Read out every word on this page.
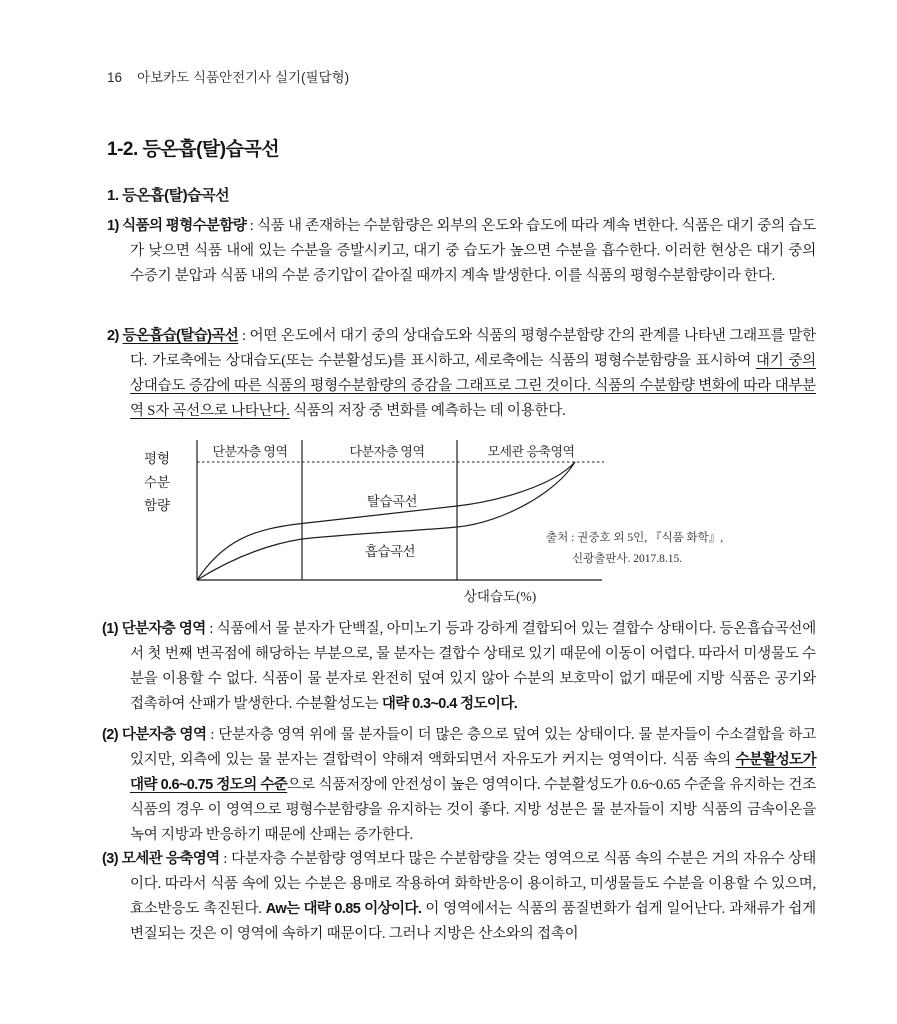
16 아보카도 식품안전기사 실기(필답형)
1-2. 등온흡(탈)습곡선
1. 등온흡(탈)습곡선
1) 식품의 평형수분함량 : 식품 내 존재하는 수분함량은 외부의 온도와 습도에 따라 계속 변한다. 식품은 대기 중의 습도가 낮으면 식품 내에 있는 수분을 증발시키고, 대기 중 습도가 높으면 수분을 흡수한다. 이러한 현상은 대기 중의 수증기 분압과 식품 내의 수분 증기압이 같아질 때까지 계속 발생한다. 이를 식품의 평형수분함량이라 한다.
2) 등온흡습(탈습)곡선 : 어떤 온도에서 대기 중의 상대습도와 식품의 평형수분함량 간의 관계를 나타낸 그래프를 말한다. 가로축에는 상대습도(또는 수분활성도)를 표시하고, 세로축에는 식품의 평형수분함량을 표시하여 대기 중의 상대습도 증감에 따른 식품의 평형수분함량의 증감을 그래프로 그린 것이다. 식품의 수분함량 변화에 따라 대부분 역 S자 곡선으로 나타난다. 식품의 저장 중 변화를 예측하는 데 이용한다.
평형
수분
함량
단분자층 영역	다분자층 영역	모세관 응축영역
탈습곡선
흡습곡선
상대습도(%)
출처 : 권중호 외 5인, 『식품 화학』,
신광출판사. 2017.8.15.
(1) 단분자층 영역 : 식품에서 물 분자가 단백질, 아미노기 등과 강하게 결합되어 있는 결합수 상태이다. 등온흡습곡선에서 첫 번째 변곡점에 해당하는 부분으로, 물 분자는 결합수 상태로 있기 때문에 이동이 어렵다. 따라서 미생물도 수분을 이용할 수 없다. 식품이 물 분자로 완전히 덮여 있지 않아 수분의 보호막이 없기 때문에 지방 식품은 공기와 접촉하여 산패가 발생한다. 수분활성도는 대략 0.3~0.4 정도이다.
(2) 다분자층 영역 : 단분자층 영역 위에 물 분자들이 더 많은 층으로 덮여 있는 상태이다. 물 분자들이 수소결합을 하고 있지만, 외측에 있는 물 분자는 결합력이 약해져 액화되면서 자유도가 커지는 영역이다. 식품 속의 수분활성도가 대략 0.6~0.75 정도의 수준으로 식품저장에 안전성이 높은 영역이다. 수분활성도가 0.6~0.65 수준을 유지하는 건조식품의 경우 이 영역으로 평형수분함량을 유지하는 것이 좋다. 지방 성분은 물 분자들이 지방 식품의 금속이온을 녹여 지방과 반응하기 때문에 산패는 증가한다.
(3) 모세관 응축영역 : 다분자층 수분함량 영역보다 많은 수분함량을 갖는 영역으로 식품 속의 수분은 거의 자유수 상태이다. 따라서 식품 속에 있는 수분은 용매로 작용하여 화학반응이 용이하고, 미생물들도 수분을 이용할 수 있으며, 효소반응도 촉진된다. Aw는 대략 0.85 이상이다. 이 영역에서는 식품의 품질변화가 쉽게 일어난다. 과채류가 쉽게 변질되는 것은 이 영역에 속하기 때문이다. 그러나 지방은 산소와의 접촉이
